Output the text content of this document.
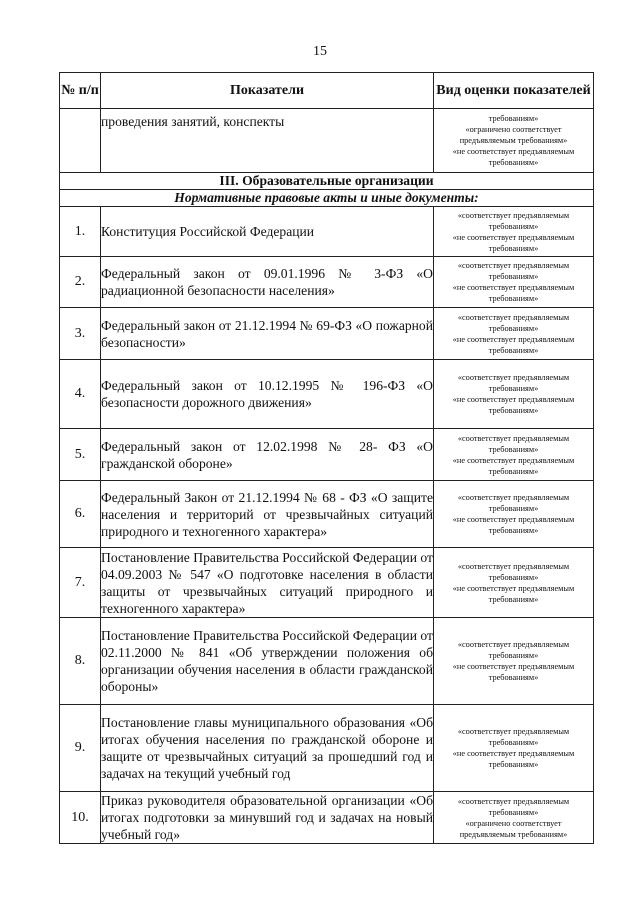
15
№ п/п	Показатели	Вид оценки показателей
	проведения занятий, конспекты	требованиям»
«ограничено соответствует
предъявляемым требованиям»
«не соответствует предъявляемым
требованиям»

III. Образовательные организации		
Нормативные правовые акты и иные документы:		
1.	Конституция Российской Федерации	«соответствует предъявляемым
требованиям»
«не соответствует предъявляемым
требованиям»

2.	Федеральный закон от 09.01.1996 № 3-ФЗ «О радиационной безопасности населения»	«соответствует предъявляемым
требованиям»
«не соответствует предъявляемым
требованиям»

3.	Федеральный закон от 21.12.1994 № 69-ФЗ «О пожарной безопасности»	«соответствует предъявляемым
требованиям»
«не соответствует предъявляемым
требованиям»

4.	Федеральный закон от 10.12.1995 № 196-ФЗ «О безопасности дорожного движения»	«соответствует предъявляемым
требованиям»
«не соответствует предъявляемым
требованиям»

5.	Федеральный закон от 12.02.1998 № 28- ФЗ «О гражданской обороне»	«соответствует предъявляемым
требованиям»
«не соответствует предъявляемым
требованиям»

6.	Федеральный Закон от 21.12.1994 № 68 - ФЗ «О защите населения и территорий от чрезвычайных ситуаций природного и техногенного характера»	«соответствует предъявляемым
требованиям»
«не соответствует предъявляемым
требованиям»

7.	Постановление Правительства Российской Федерации от 04.09.2003 № 547 «О подготовке населения в области защиты от чрезвычайных ситуаций природного и техногенного характера»	«соответствует предъявляемым
требованиям»
«не соответствует предъявляемым
требованиям»

8.	Постановление Правительства Российской Федерации от 02.11.2000 № 841 «Об утверждении положения об организации обучения населения в области гражданской обороны»	«соответствует предъявляемым
требованиям»
«не соответствует предъявляемым
требованиям»

9.	Постановление главы муниципального образования «Об итогах обучения населения по гражданской обороне и защите от чрезвычайных ситуаций за прошедший год и задачах на текущий учебный год	«соответствует предъявляемым
требованиям»
«не соответствует предъявляемым
требованиям»

10.	Приказ руководителя образовательной организации «Об итогах подготовки за минувший год и задачах на новый учебный год»	«соответствует предъявляемым
требованиям»
«ограничено соответствует
предъявляемым требованиям»
